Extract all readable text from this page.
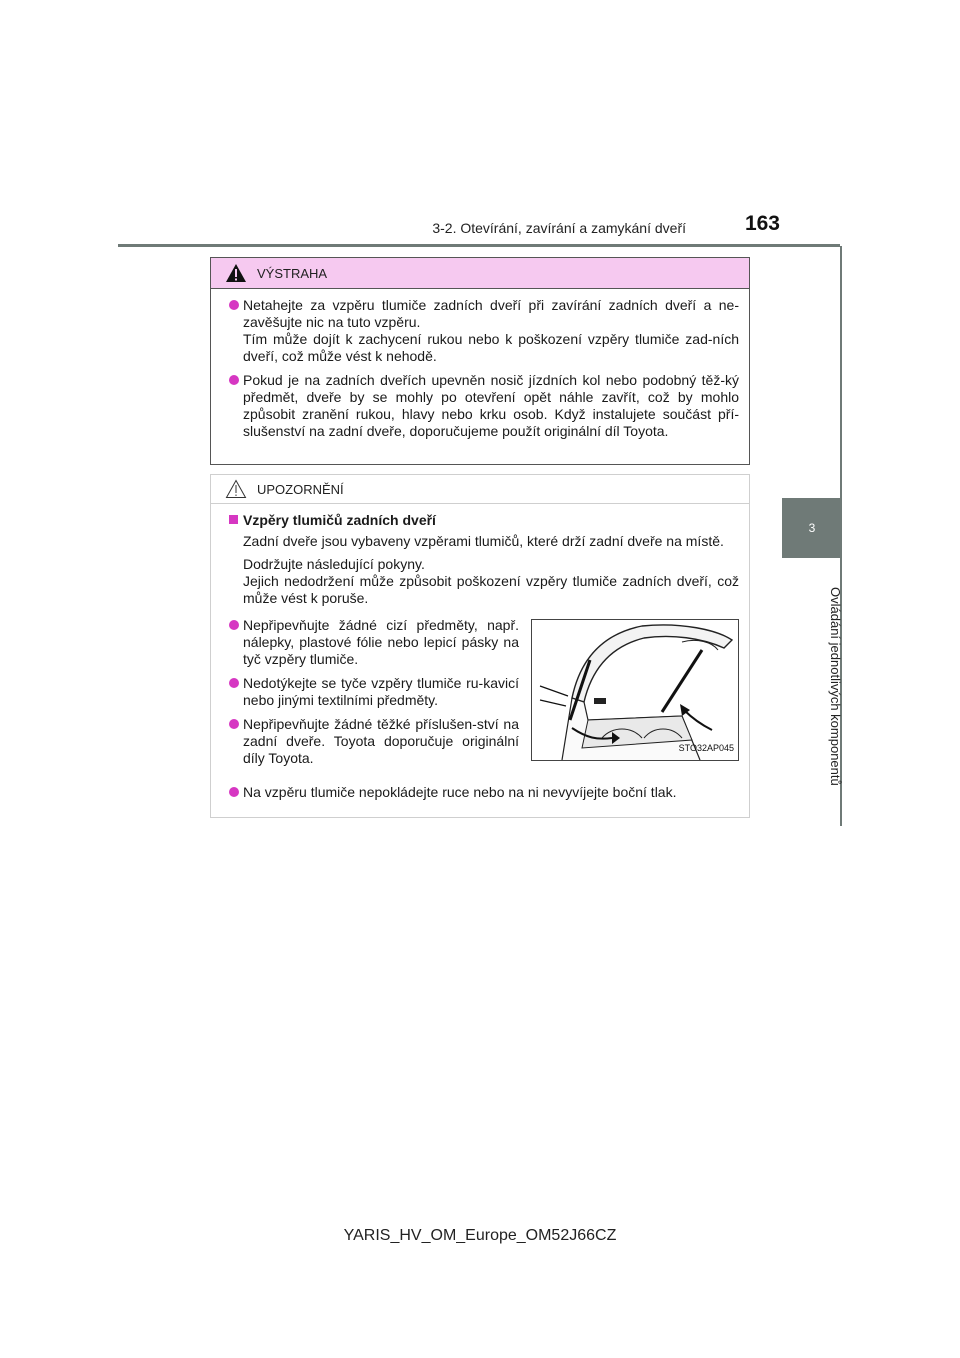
3-2. Otevírání, zavírání a zamykání dveří	163
3
Ovládání jednotlivých komponentů
VÝSTRAHA
Netahejte za vzpěru tlumiče zadních dveří při zavírání zadních dveří a ne-zavěšujte nic na tuto vzpěru.
Tím může dojít k zachycení rukou nebo k poškození vzpěry tlumiče zad-ních dveří, což může vést k nehodě.
Pokud je na zadních dveřích upevněn nosič jízdních kol nebo podobný těž-ký předmět, dveře by se mohly po otevření opět náhle zavřít, což by mohlo způsobit zranění rukou, hlavy nebo krku osob. Když instalujete součást pří-slušenství na zadní dveře, doporučujeme použít originální díl Toyota.
UPOZORNĚNÍ
Vzpěry tlumičů zadních dveří

Zadní dveře jsou vybaveny vzpěrami tlumičů, které drží zadní dveře na místě.

Dodržujte následující pokyny.

Jejich nedodržení může způsobit poškození vzpěry tlumiče zadních dveří, což může vést k poruše.

Nepřipevňujte žádné cizí předměty, např. nálepky, plastové fólie nebo lepicí pásky na tyč vzpěry tlumiče.
Nedotýkejte se tyče vzpěry tlumiče ru-kavicí nebo jinými textilními předměty.
Nepřipevňujte žádné těžké příslušen-ství na zadní dveře. Toyota doporučuje originální díly Toyota.
STO32AP045
Na vzpěru tlumiče nepokládejte ruce nebo na ni nevyvíjejte boční tlak.
YARIS_HV_OM_Europe_OM52J66CZ
